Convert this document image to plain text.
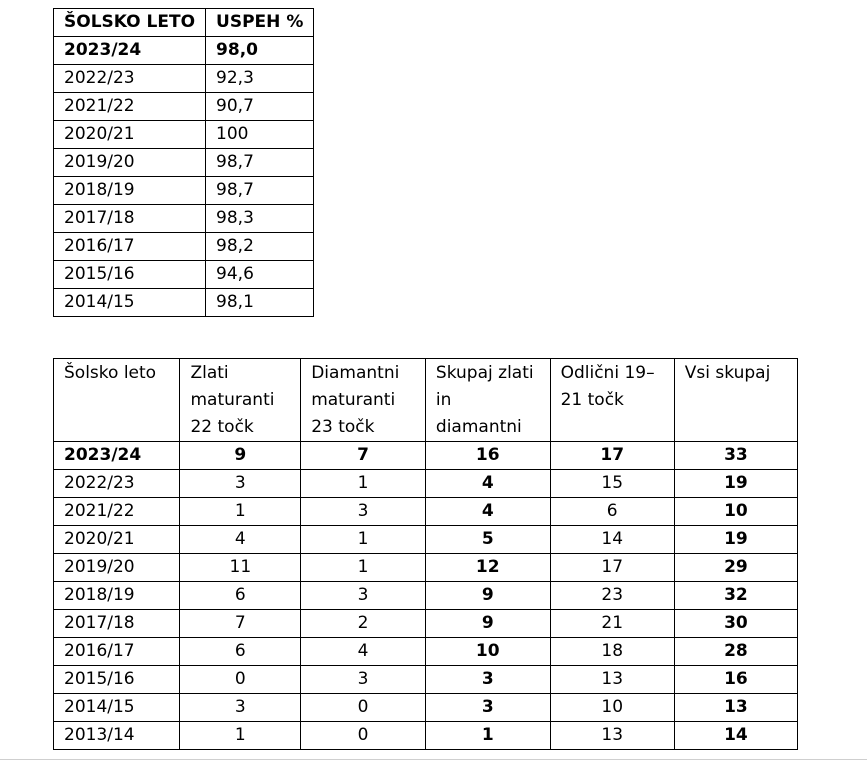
ŠOLSKO LETO	USPEH %
2023/24	98,0
2022/23	92,3
2021/22	90,7
2020/21	100
2019/20	98,7
2018/19	98,7
2017/18	98,3
2016/17	98,2
2015/16	94,6
2014/15	98,1
Šolsko leto	Zlati maturanti 22 točk	Diamantni maturanti 23 točk	Skupaj zlati in diamantni	Odlični 19–21 točk	Vsi skupaj
2023/24	9	7	16	17	33
2022/23	3	1	4	15	19
2021/22	1	3	4	6	10
2020/21	4	1	5	14	19
2019/20	11	1	12	17	29
2018/19	6	3	9	23	32
2017/18	7	2	9	21	30
2016/17	6	4	10	18	28
2015/16	0	3	3	13	16
2014/15	3	0	3	10	13
2013/14	1	0	1	13	14
